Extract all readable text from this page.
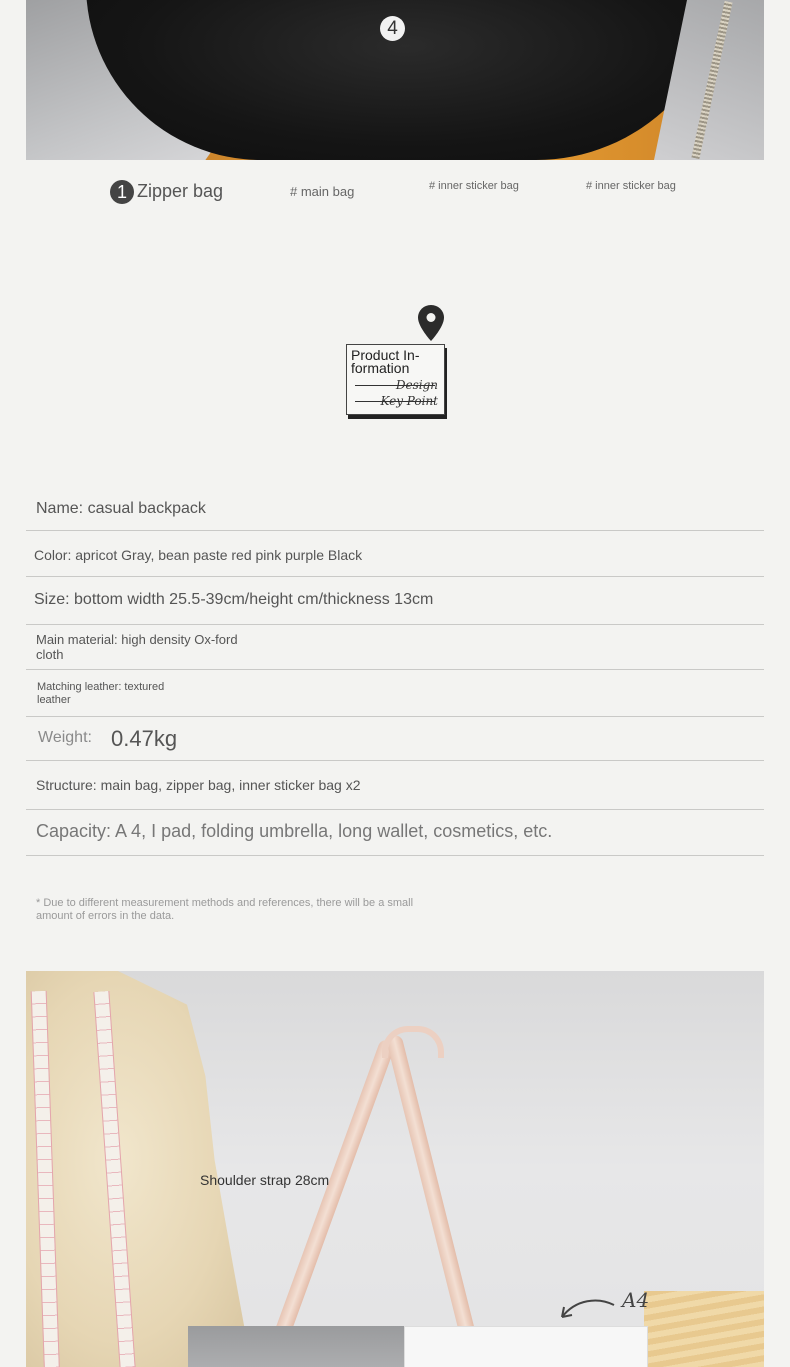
4
1 Zipper bag	# main bag	# inner sticker bag	# inner sticker bag
Product In-formation
Design
Key Point
Name: casual backpack
Color: apricot Gray, bean paste red pink purple Black
Size: bottom width 25.5-39cm/height cm/thickness 13cm
Main material: high density Ox-ford cloth
Matching leather: textured leather
Weight: 0.47kg
Structure: main bag, zipper bag, inner sticker bag x2
Capacity: A 4, I pad, folding umbrella, long wallet, cosmetics, etc.
* Due to different measurement methods and references, there will be a small amount of errors in the data.
Shoulder strap 28cm
A4
